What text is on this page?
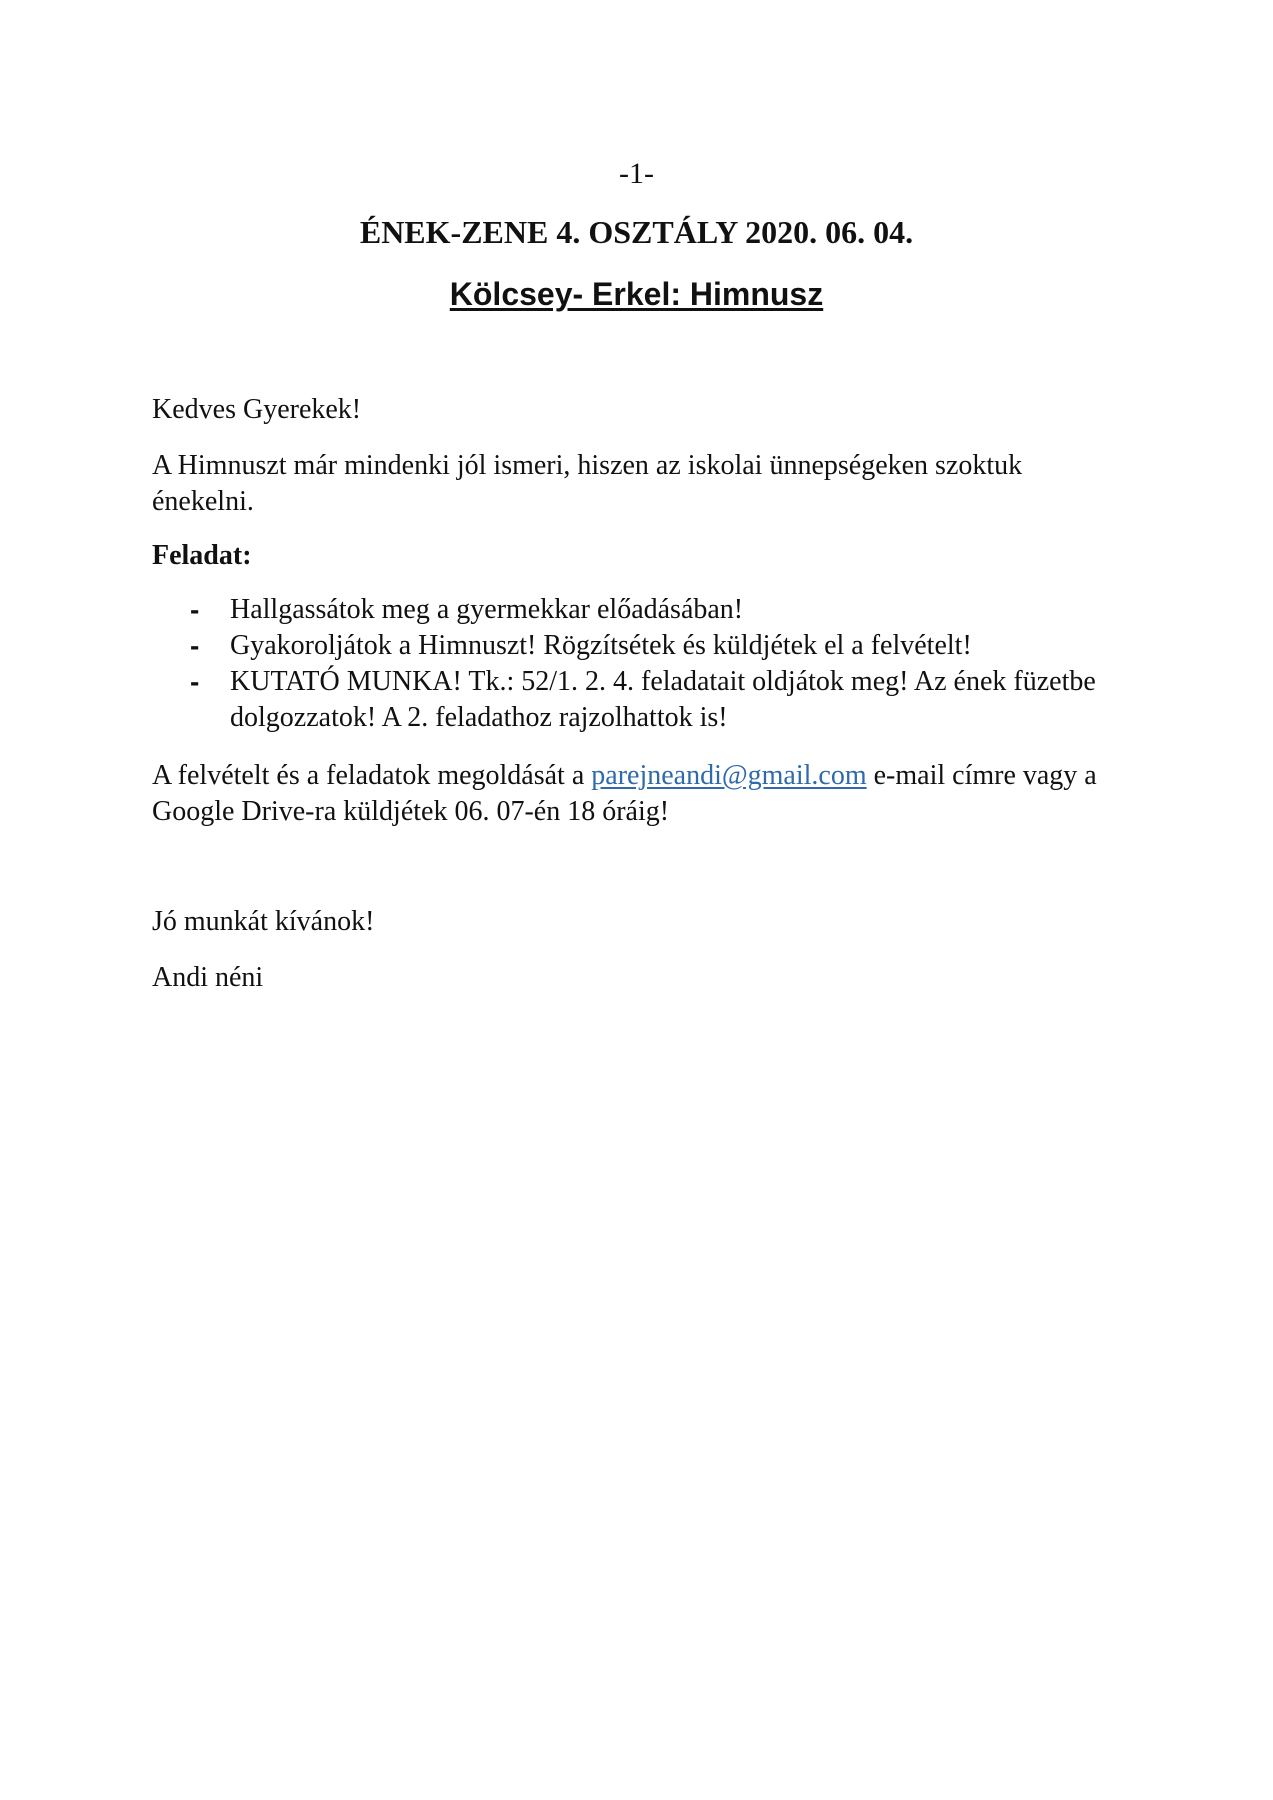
-1-
ÉNEK-ZENE 4. OSZTÁLY 2020. 06. 04.
Kölcsey- Erkel: Himnusz
Kedves Gyerekek!
A Himnuszt már mindenki jól ismeri, hiszen az iskolai ünnepségeken szoktuk énekelni.
Feladat:
- Hallgassátok meg a gyermekkar előadásában!
- Gyakoroljátok a Himnuszt! Rögzítsétek és küldjétek el a felvételt!
- KUTATÓ MUNKA! Tk.: 52/1. 2. 4. feladatait oldjátok meg! Az ének füzetbe dolgozzatok! A 2. feladathoz rajzolhattok is!
A felvételt és a feladatok megoldását a parejneandi@gmail.com e-mail címre vagy a Google Drive-ra küldjétek 06. 07-én 18 óráig!
Jó munkát kívánok!
Andi néni
